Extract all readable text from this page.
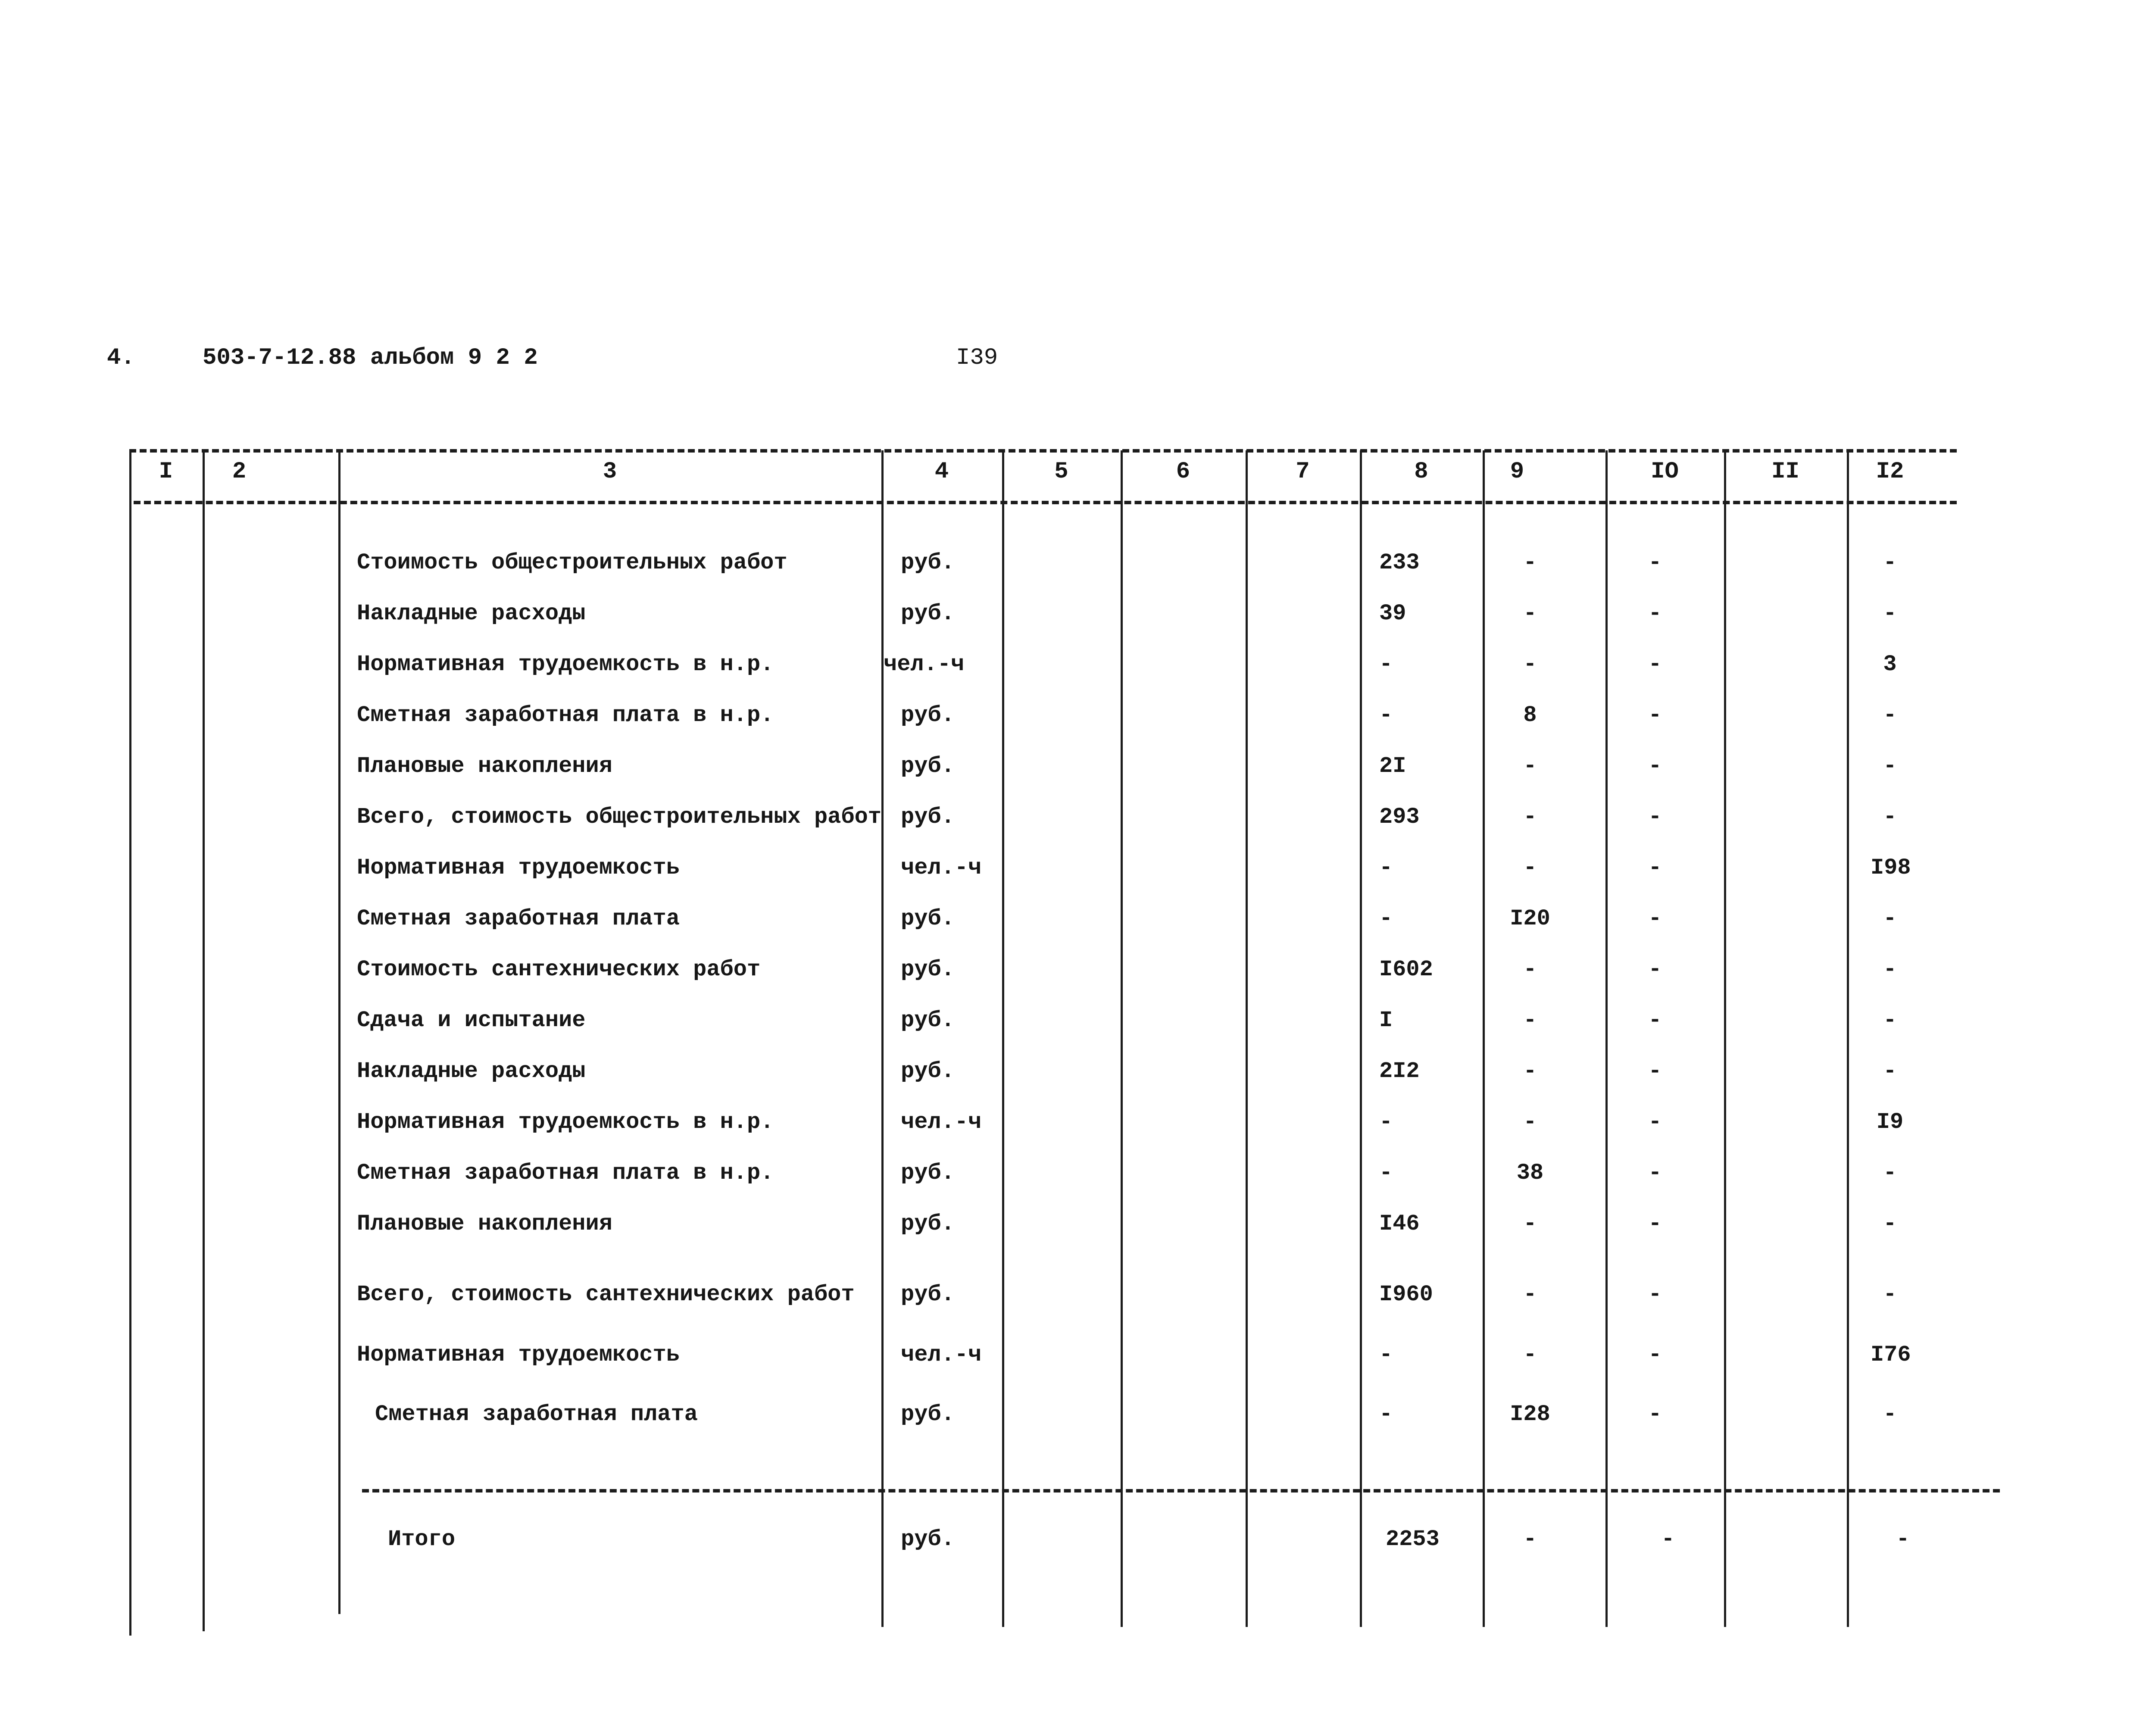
4.	503-7-12.88 альбом 9 2 2	I39
I	2	3	4	5	6	7	8	9	IO	II	I2
Стоимость общестроительных работ	руб.	233	-	-	-
Накладные расходы	руб.	39	-	-	-
Нормативная трудоемкость в н.р.	чел.-ч	-	-	-	3
Сметная заработная плата в н.р.	руб.	-	8	-	-
Плановые накопления	руб.	2I	-	-	-
Всего, стоимость общестроительных работ руб.	293	-	-	-
Нормативная трудоемкость	чел.-ч	-	-	-	I98
Сметная заработная плата	руб.	-	I20	-	-
Стоимость сантехнических работ	руб.	I602	-	-	-
Сдача и испытание	руб.	I	-	-	-
Накладные расходы	руб.	2I2	-	-	-
Нормативная трудоемкость в н.р.	чел.-ч	-	-	-	I9
Сметная заработная плата в н.р.	руб.	-	38	-	-
Плановые накопления	руб.	I46	-	-	-
Всего, стоимость сантехнических работ руб.	I960	-	-	-
Нормативная трудоемкость	чел.-ч	-	-	-	I76
Сметная заработная плата	руб.	-	I28	-	-
Итого	руб.	2253	-	-	-
